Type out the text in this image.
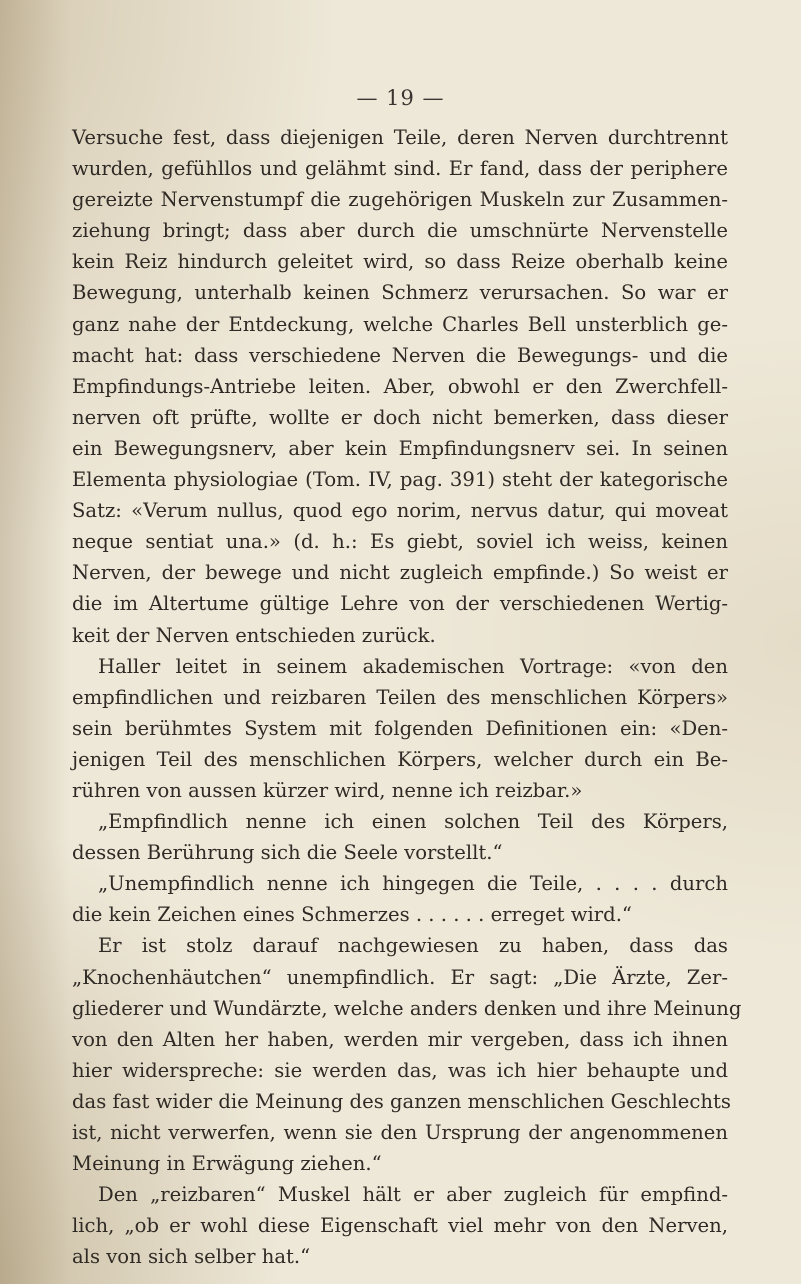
— 19 —
Versuche fest, dass diejenigen Teile, deren Nerven durchtrennt
wurden, gefühllos und gelähmt sind. Er fand, dass der periphere
gereizte Nervenstumpf die zugehörigen Muskeln zur Zusammen-
ziehung bringt; dass aber durch die umschnürte Nervenstelle
kein Reiz hindurch geleitet wird, so dass Reize oberhalb keine
Bewegung, unterhalb keinen Schmerz verursachen. So war er
ganz nahe der Entdeckung, welche Charles Bell unsterblich ge-
macht hat: dass verschiedene Nerven die Bewegungs- und die
Empfindungs-Antriebe leiten. Aber, obwohl er den Zwerchfell-
nerven oft prüfte, wollte er doch nicht bemerken, dass dieser
ein Bewegungsnerv, aber kein Empfindungsnerv sei. In seinen
Elementa physiologiae (Tom. IV, pag. 391) steht der kategorische
Satz: «Verum nullus, quod ego norim, nervus datur, qui moveat
neque sentiat una.» (d. h.: Es giebt, soviel ich weiss, keinen
Nerven, der bewege und nicht zugleich empfinde.) So weist er
die im Altertume gültige Lehre von der verschiedenen Wertig-
keit der Nerven entschieden zurück.
Haller leitet in seinem akademischen Vortrage: «von den
empfindlichen und reizbaren Teilen des menschlichen Körpers»
sein berühmtes System mit folgenden Definitionen ein: «Den-
jenigen Teil des menschlichen Körpers, welcher durch ein Be-
rühren von aussen kürzer wird, nenne ich reizbar.»
„Empfindlich nenne ich einen solchen Teil des Körpers,
dessen Berührung sich die Seele vorstellt.“
„Unempfindlich nenne ich hingegen die Teile, . . . . durch
die kein Zeichen eines Schmerzes . . . . . . erreget wird.“
Er ist stolz darauf nachgewiesen zu haben, dass das
„Knochenhäutchen“ unempfindlich. Er sagt: „Die Ärzte, Zer-
gliederer und Wundärzte, welche anders denken und ihre Meinung
von den Alten her haben, werden mir vergeben, dass ich ihnen
hier widerspreche: sie werden das, was ich hier behaupte und
das fast wider die Meinung des ganzen menschlichen Geschlechts
ist, nicht verwerfen, wenn sie den Ursprung der angenommenen
Meinung in Erwägung ziehen.“
Den „reizbaren“ Muskel hält er aber zugleich für empfind-
lich, „ob er wohl diese Eigenschaft viel mehr von den Nerven,
als von sich selber hat.“
